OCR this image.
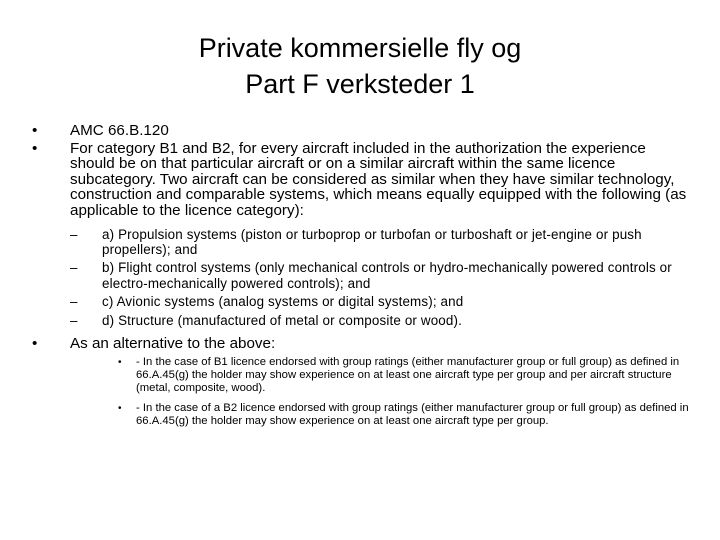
Private kommersielle fly og
Part F verksteder 1
• AMC 66.B.120
• For category B1 and B2, for every aircraft included in the authorization the experience should be on that particular aircraft or on a similar aircraft within the same licence subcategory. Two aircraft can be considered as similar when they have similar technology, construction and comparable systems, which means equally equipped with the following (as applicable to the licence category):
– a) Propulsion systems (piston or turboprop or turbofan or turboshaft or jet-engine or push propellers); and
– b) Flight control systems (only mechanical controls or hydro-mechanically powered controls or electro-mechanically powered controls); and
– c) Avionic systems (analog systems or digital systems); and
– d) Structure (manufactured of metal or composite or wood).
• As an alternative to the above:
• - In the case of B1 licence endorsed with group ratings (either manufacturer group or full group) as defined in 66.A.45(g) the holder may show experience on at least one aircraft type per group and per aircraft structure (metal, composite, wood).
• - In the case of a B2 licence endorsed with group ratings (either manufacturer group or full group) as defined in 66.A.45(g) the holder may show experience on at least one aircraft type per group.
